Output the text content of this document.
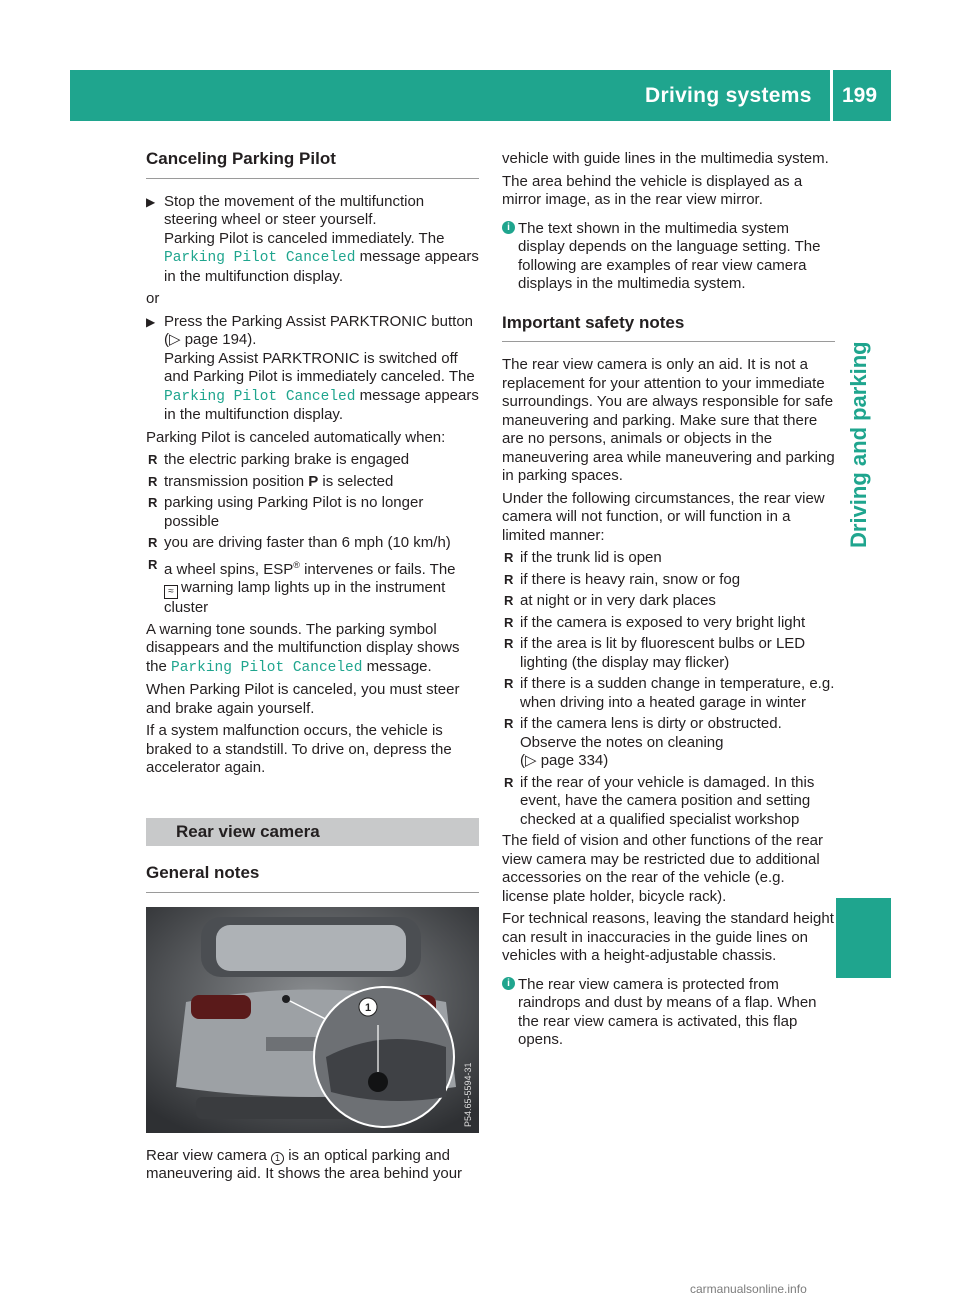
Driving systems 199
Driving and parking
Canceling Parking Pilot
▶ Stop the movement of the multifunction steering wheel or steer yourself.
Parking Pilot is canceled immediately. The Parking Pilot Canceled message appears in the multifunction display.

or

▶ Press the Parking Assist PARKTRONIC button (▷ page 194).
Parking Assist PARKTRONIC is switched off and Parking Pilot is immediately canceled. The Parking Pilot Canceled message appears in the multifunction display.

Parking Pilot is canceled automatically when:

R the electric parking brake is engaged
R transmission position P is selected
R parking using Parking Pilot is no longer possible
R you are driving faster than 6 mph (10 km/h)
R a wheel spins, ESP® intervenes or fails. The
≈ warning lamp lights up in the instrument cluster

A warning tone sounds. The parking symbol disappears and the multifunction display shows the Parking Pilot Canceled message.

When Parking Pilot is canceled, you must steer and brake again yourself.

If a system malfunction occurs, the vehicle is braked to a standstill. To drive on, depress the accelerator again.

Rear view camera
General notes
1
P54.65-5594-31

Rear view camera 1 is an optical parking and maneuvering aid. It shows the area behind your

vehicle with guide lines in the multimedia system.

The area behind the vehicle is displayed as a mirror image, as in the rear view mirror.

i The text shown in the multimedia system display depends on the language setting. The following are examples of rear view camera displays in the multimedia system.
Important safety notes

The rear view camera is only an aid. It is not a replacement for your attention to your immediate surroundings. You are always responsible for safe maneuvering and parking. Make sure that there are no persons, animals or objects in the maneuvering area while maneuvering and parking in parking spaces.

Under the following circumstances, the rear view camera will not function, or will function in a limited manner:

R if the trunk lid is open
R if there is heavy rain, snow or fog
R at night or in very dark places
R if the camera is exposed to very bright light
R if the area is lit by fluorescent bulbs or LED lighting (the display may flicker)
R if there is a sudden change in temperature, e.g. when driving into a heated garage in winter
R if the camera lens is dirty or obstructed. Observe the notes on cleaning
(▷ page 334)
R if the rear of your vehicle is damaged. In this event, have the camera position and setting checked at a qualified specialist workshop

The field of vision and other functions of the rear view camera may be restricted due to additional accessories on the rear of the vehicle (e.g. license plate holder, bicycle rack).

For technical reasons, leaving the standard height can result in inaccuracies in the guide lines on vehicles with a height-adjustable chassis.

i The rear view camera is protected from raindrops and dust by means of a flap. When the rear view camera is activated, this flap opens.
carmanualsonline.info
